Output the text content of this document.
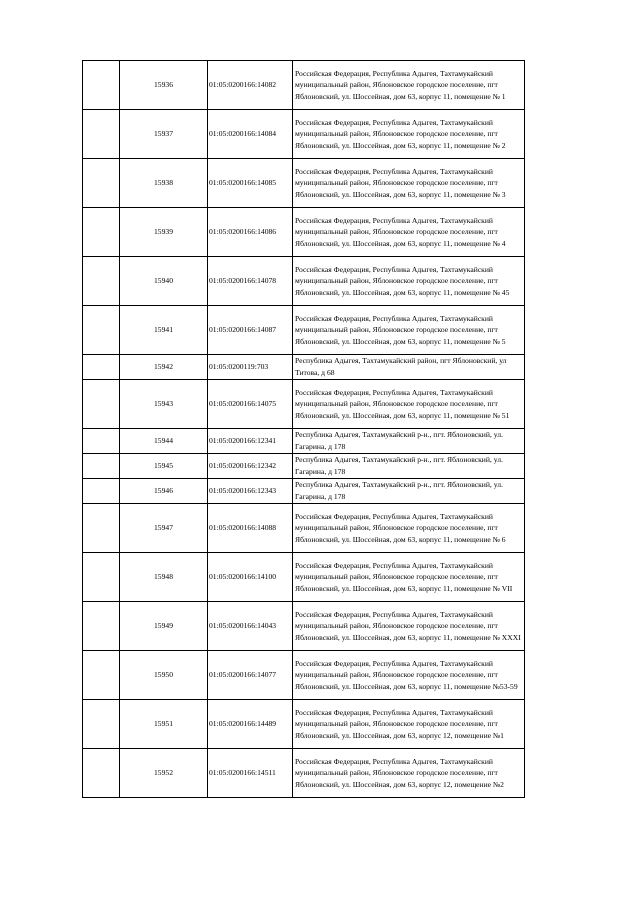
	15936	01:05:0200166:14082	Российская Федерация, Республика Адыгея, Тахтамукайский муниципальный район, Яблоновское городское поселение, пгт Яблоновский, ул. Шоссейная, дом 63, корпус 11, помещение № 1
	15937	01:05:0200166:14084	Российская Федерация, Республика Адыгея, Тахтамукайский муниципальный район, Яблоновское городское поселение, пгт Яблоновский, ул. Шоссейная, дом 63, корпус 11, помещение № 2
	15938	01:05:0200166:14085	Российская Федерация, Республика Адыгея, Тахтамукайский муниципальный район, Яблоновское городское поселение, пгт Яблоновский, ул. Шоссейная, дом 63, корпус 11, помещение № 3
	15939	01:05:0200166:14086	Российская Федерация, Республика Адыгея, Тахтамукайский муниципальный район, Яблоновское городское поселение, пгт Яблоновский, ул. Шоссейная, дом 63, корпус 11, помещение № 4
	15940	01:05:0200166:14078	Российская Федерация, Республика Адыгея, Тахтамукайский муниципальный район, Яблоновское городское поселение, пгт Яблоновский, ул. Шоссейная, дом 63, корпус 11, помещение № 45
	15941	01:05:0200166:14087	Российская Федерация, Республика Адыгея, Тахтамукайский муниципальный район, Яблоновское городское поселение, пгт Яблоновский, ул. Шоссейная, дом 63, корпус 11, помещение № 5
	15942	01:05:0200119:703	Республика Адыгея, Тахтамукайский район, пгт Яблоновский, ул Титова, д 68
	15943	01:05:0200166:14075	Российская Федерация, Республика Адыгея, Тахтамукайский муниципальный район, Яблоновское городское поселение, пгт Яблоновский, ул. Шоссейная, дом 63, корпус 11, помещение № 51
	15944	01:05:0200166:12341	Республика Адыгея, Тахтамукайский р-н., пгт. Яблоновский, ул. Гагарина, д 178
	15945	01:05:0200166:12342	Республика Адыгея, Тахтамукайский р-н., пгт. Яблоновский, ул. Гагарина, д 178
	15946	01:05:0200166:12343	Республика Адыгея, Тахтамукайский р-н., пгт. Яблоновский, ул. Гагарина, д 178
	15947	01:05:0200166:14088	Российская Федерация, Республика Адыгея, Тахтамукайский муниципальный район, Яблоновское городское поселение, пгт Яблоновский, ул. Шоссейная, дом 63, корпус 11, помещение № 6
	15948	01:05:0200166:14100	Российская Федерация, Республика Адыгея, Тахтамукайский муниципальный район, Яблоновское городское поселение, пгт Яблоновский, ул. Шоссейная, дом 63, корпус 11, помещение № VII
	15949	01:05:0200166:14043	Российская Федерация, Республика Адыгея, Тахтамукайский муниципальный район, Яблоновское городское поселение, пгт Яблоновский, ул. Шоссейная, дом 63, корпус 11, помещение № XXXI
	15950	01:05:0200166:14077	Российская Федерация, Республика Адыгея, Тахтамукайский муниципальный район, Яблоновское городское поселение, пгт Яблоновский, ул. Шоссейная, дом 63, корпус 11, помещение №53-59
	15951	01:05:0200166:14489	Российская Федерация, Республика Адыгея, Тахтамукайский муниципальный район, Яблоновское городское поселение, пгт Яблоновский, ул. Шоссейная, дом 63, корпус 12, помещение №1
	15952	01:05:0200166:14511	Российская Федерация, Республика Адыгея, Тахтамукайский муниципальный район, Яблоновское городское поселение, пгт Яблоновский, ул. Шоссейная, дом 63, корпус 12, помещение №2
